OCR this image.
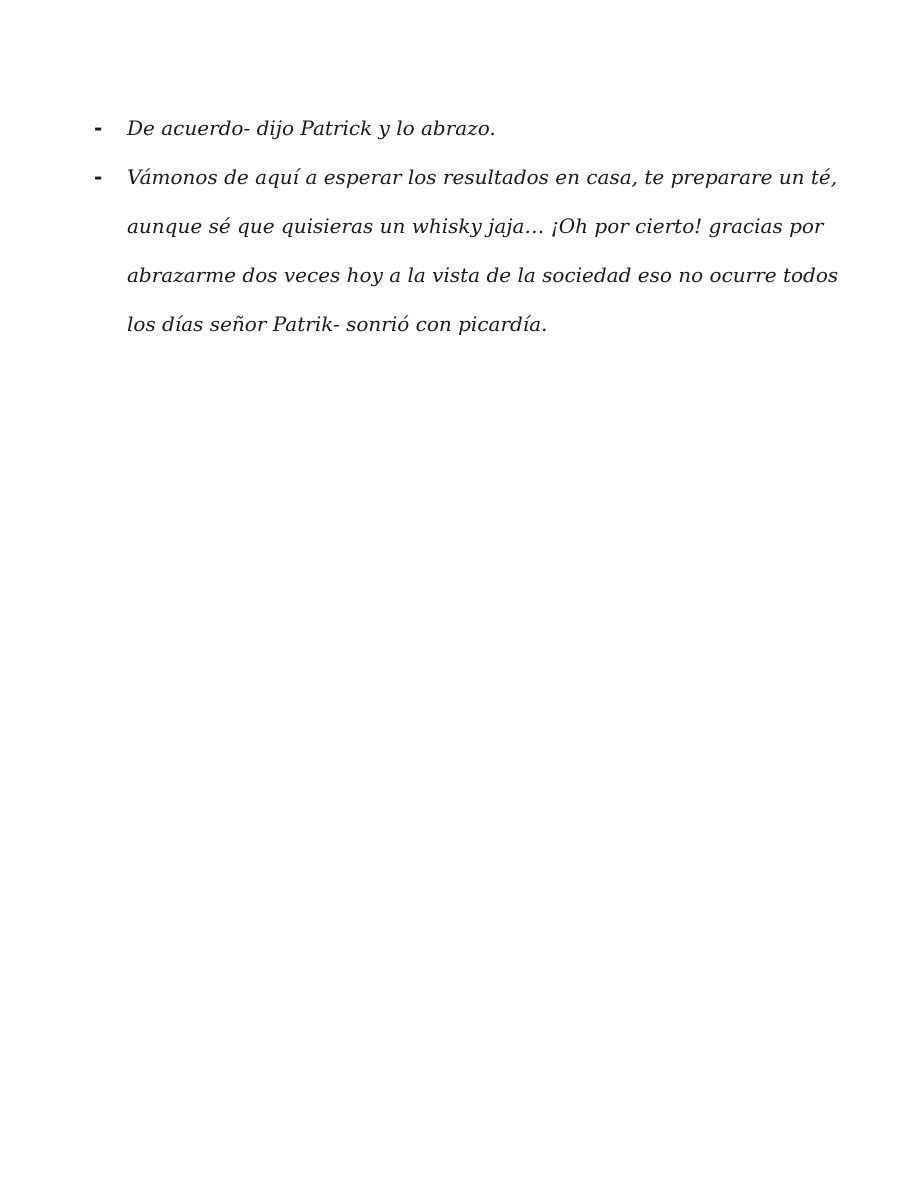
- De acuerdo- dijo Patrick y lo abrazo.

- Vámonos de aquí a esperar los resultados en casa, te preparare un té,
aunque sé que quisieras un whisky jaja… ¡Oh por cierto! gracias por
abrazarme dos veces hoy a la vista de la sociedad eso no ocurre todos
los días señor Patrik- sonrió con picardía.
